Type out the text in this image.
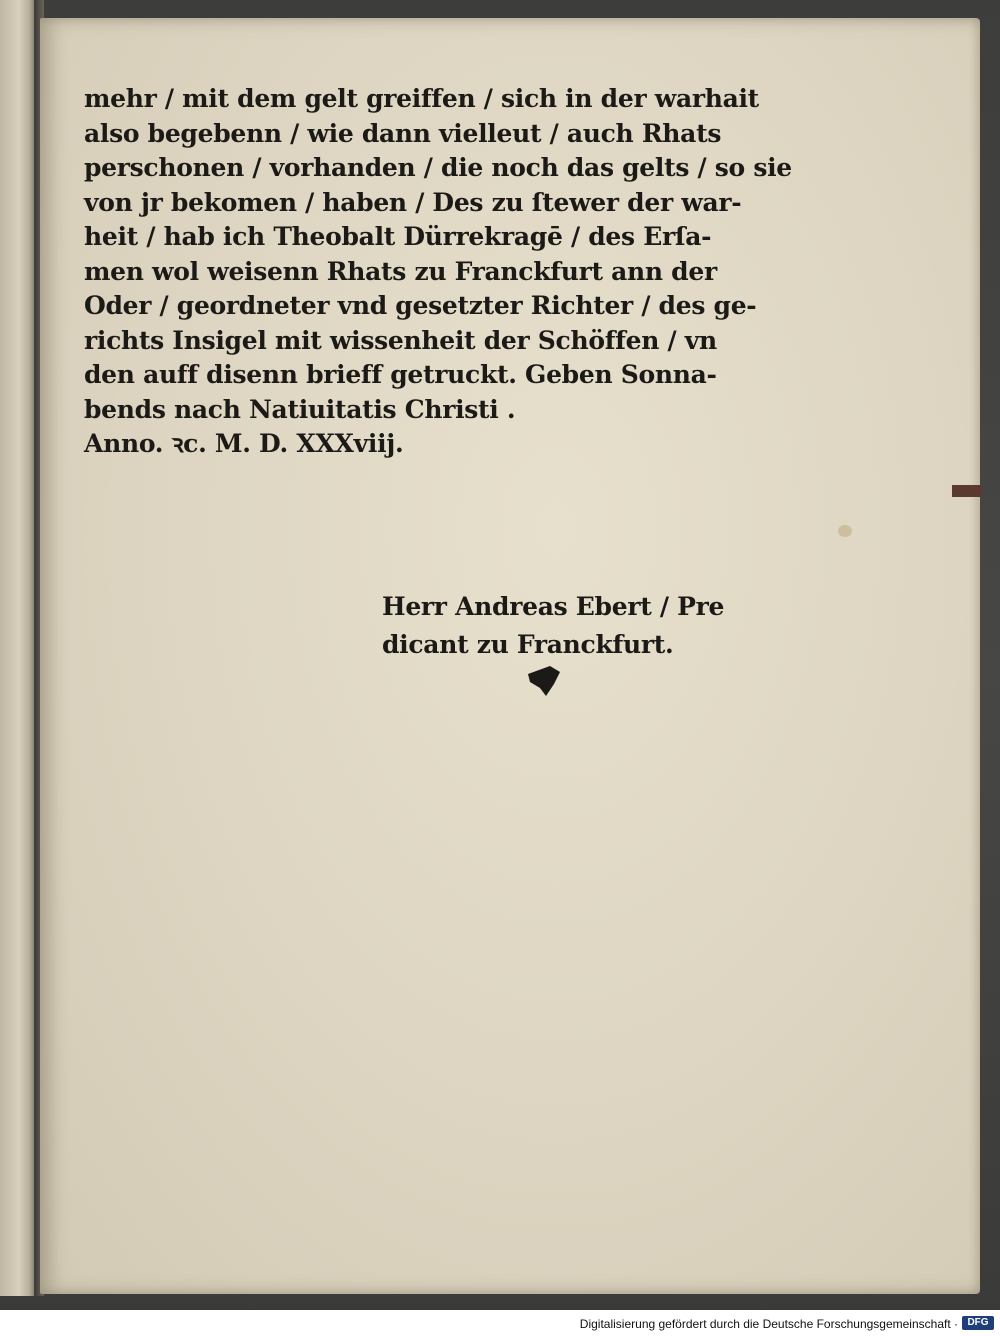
mehr / mit dem gelt greiffen / sich in der warhait
also begebenn / wie dann vielleut / auch Rhats
perschonen / vorhanden / die noch das gelts / so sie
von jr bekomen / haben / Des zu ſtewer der war-
heit / hab ich Theobalt Dürrekragē / des Erſa-
men wol weisenn Rhats zu Franckfurt ann der
Oder / geordneter vnd gesetzter Richter / des ge-
richts Insigel mit wissenheit der Schöffen / vn
den auff disenn brieff getruckt. Geben Sonna-
bends nach Natiuitatis Christi .
Anno. ꝛc. M. D. XXXviij.
Herr Andreas Ebert / Pre
dicant zu Franckfurt.
Digitalisierung gefördert durch die Deutsche Forschungsgemeinschaft · DFG
